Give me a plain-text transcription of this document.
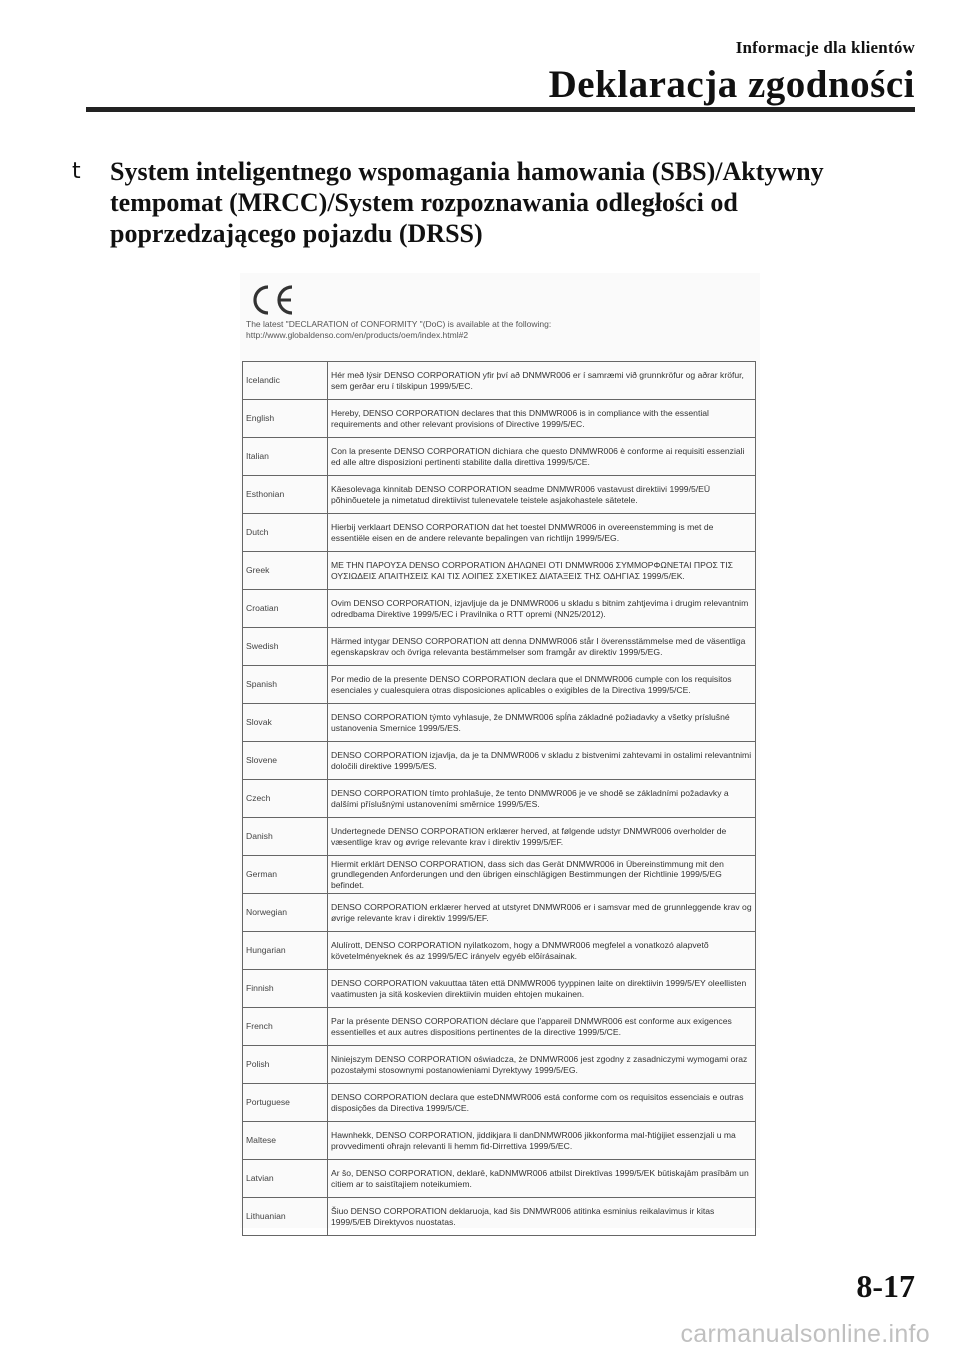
Informacje dla klientów
Deklaracja zgodności
t System inteligentnego wspomagania hamowania (SBS)/Aktywny tempomat (MRCC)/System rozpoznawania odległości od poprzedzającego pojazdu (DRSS)
The latest "DECLARATION of CONFORMITY "(DoC) is available at the following:
http://www.globaldenso.com/en/products/oem/index.html#2
Icelandic	Hér með lýsir DENSO CORPORATION yfir því að DNMWR006 er í samræmi við grunnkröfur og aðrar kröfur, sem gerðar eru í tilskipun 1999/5/EC.
English	Hereby, DENSO CORPORATION declares that this DNMWR006 is in compliance with the essential requirements and other relevant provisions of Directive 1999/5/EC.
Italian	Con la presente DENSO CORPORATION dichiara che questo DNMWR006 è conforme ai requisiti essenziali ed alle altre disposizioni pertinenti stabilite dalla direttiva 1999/5/CE.
Esthonian	Käesolevaga kinnitab DENSO CORPORATION seadme DNMWR006 vastavust direktiivi 1999/5/EÜ põhinõuetele ja nimetatud direktiivist tulenevatele teistele asjakohastele sätetele.
Dutch	Hierbij verklaart DENSO CORPORATION dat het toestel DNMWR006 in overeenstemming is met de essentiële eisen en de andere relevante bepalingen van richtlijn 1999/5/EG.
Greek	ΜΕ ΤΗΝ ΠΑΡΟΥΣΑ DENSO CORPORATION ΔΗΛΩΝΕΙ ΟΤΙ DNMWR006 ΣΥΜΜΟΡΦΩΝΕΤΑΙ ΠΡΟΣ ΤΙΣ ΟΥΣΙΩΔΕΙΣ ΑΠΑΙΤΗΣΕΙΣ ΚΑΙ ΤΙΣ ΛΟΙΠΕΣ ΣΧΕΤΙΚΕΣ ΔΙΑΤΑΞΕΙΣ ΤΗΣ ΟΔΗΓΙΑΣ 1999/5/ΕΚ.
Croatian	Ovim DENSO CORPORATION, izjavljuje da je DNMWR006 u skladu s bitnim zahtjevima i drugim relevantnim odredbama Direktive 1999/5/EC i Pravilnika o RTT opremi (NN25/2012).
Swedish	Härmed intygar DENSO CORPORATION att denna DNMWR006 står I överensstämmelse med de väsentliga egenskapskrav och övriga relevanta bestämmelser som framgår av direktiv 1999/5/EG.
Spanish	Por medio de la presente DENSO CORPORATION declara que el DNMWR006 cumple con los requisitos esenciales y cualesquiera otras disposiciones aplicables o exigibles de la Directiva 1999/5/CE.
Slovak	DENSO CORPORATION týmto vyhlasuje, že DNMWR006 spĺňa základné požiadavky a všetky príslušné ustanovenia Smernice 1999/5/ES.
Slovene	DENSO CORPORATION izjavlja, da je ta DNMWR006 v skladu z bistvenimi zahtevami in ostalimi relevantnimi določili direktive 1999/5/ES.
Czech	DENSO CORPORATION tímto prohlašuje, že tento DNMWR006 je ve shodě se základními požadavky a dalšími příslušnými ustanoveními směrnice 1999/5/ES.
Danish	Undertegnede DENSO CORPORATION erklærer herved, at følgende udstyr DNMWR006 overholder de væsentlige krav og øvrige relevante krav i direktiv 1999/5/EF.
German	Hiermit erklärt DENSO CORPORATION, dass sich das Gerät DNMWR006 in Übereinstimmung mit den grundlegenden Anforderungen und den übrigen einschlägigen Bestimmungen der Richtlinie 1999/5/EG befindet.
Norwegian	DENSO CORPORATION erklærer herved at utstyret DNMWR006 er i samsvar med de grunnleggende krav og øvrige relevante krav i direktiv 1999/5/EF.
Hungarian	Alulírott, DENSO CORPORATION nyilatkozom, hogy a DNMWR006 megfelel a vonatkozó alapvetõ követelményeknek és az 1999/5/EC irányelv egyéb elõírásainak.
Finnish	DENSO CORPORATION vakuuttaa täten että DNMWR006 tyyppinen laite on direktiivin 1999/5/EY oleellisten vaatimusten ja sitä koskevien direktiivin muiden ehtojen mukainen.
French	Par la présente DENSO CORPORATION déclare que l'appareil DNMWR006 est conforme aux exigences essentielles et aux autres dispositions pertinentes de la directive 1999/5/CE.
Polish	Niniejszym DENSO CORPORATION oświadcza, że DNMWR006 jest zgodny z zasadniczymi wymogami oraz pozostałymi stosownymi postanowieniami Dyrektywy 1999/5/EG.
Portuguese	DENSO CORPORATION declara que esteDNMWR006 está conforme com os requisitos essenciais e outras disposições da Directiva 1999/5/CE.
Maltese	Hawnhekk, DENSO CORPORATION, jiddikjara li danDNMWR006 jikkonforma mal-ħtiġijiet essenzjali u ma provvedimenti oħrajn relevanti li hemm fid-Dirrettiva 1999/5/EC.
Latvian	Ar šo, DENSO CORPORATION, deklarē, kaDNMWR006 atbilst Direktīvas 1999/5/EK būtiskajām prasībām un citiem ar to saistītajiem noteikumiem.
Lithuanian	Šiuo DENSO CORPORATION deklaruoja, kad šis DNMWR006 atitinka esminius reikalavimus ir kitas 1999/5/EB Direktyvos nuostatas.
8-17
carmanualsonline.info
